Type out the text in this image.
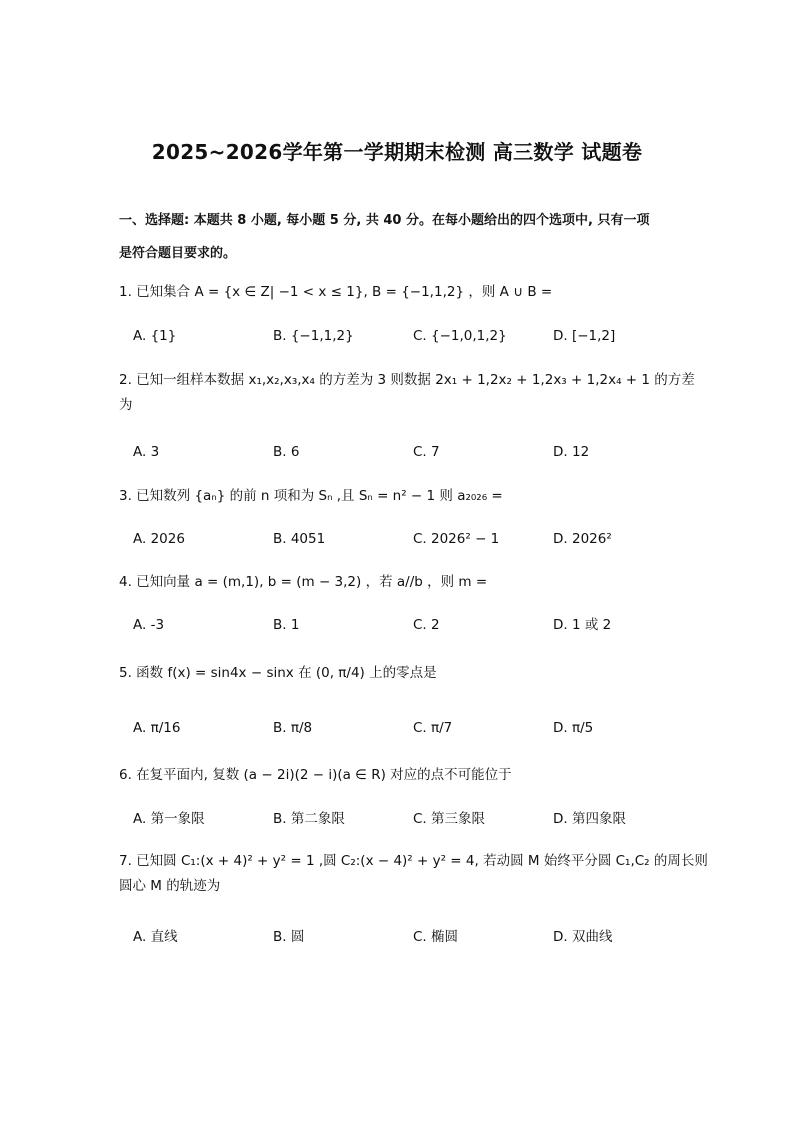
2025~2026学年第一学期期末检测 高三数学 试题卷

一、选择题: 本题共 8 小题, 每小题 5 分, 共 40 分。在每小题给出的四个选项中, 只有一项

是符合题目要求的。

1. 已知集合 A = {x ∈ Z| −1 < x ≤ 1}, B = {−1,1,2} ，则 A ∪ B =

A. {1}	B. {−1,1,2}	C. {−1,0,1,2}	D. [−1,2]

2. 已知一组样本数据 x₁,x₂,x₃,x₄ 的方差为 3 则数据 2x₁ + 1,2x₂ + 1,2x₃ + 1,2x₄ + 1 的方差

为

A. 3	B. 6	C. 7	D. 12

3. 已知数列 {aₙ} 的前 n 项和为 Sₙ ,且 Sₙ = n² − 1 则 a₂₀₂₆ =

A. 2026	B. 4051	C. 2026² − 1	D. 2026²

4. 已知向量 a = (m,1), b = (m − 3,2) ，若 a//b ，则 m =

A. -3	B. 1	C. 2	D. 1 或 2

5. 函数 f(x) = sin4x − sinx 在 (0, π/4) 上的零点是

A. π/16	B. π/8	C. π/7	D. π/5

6. 在复平面内, 复数 (a − 2i)(2 − i)(a ∈ R) 对应的点不可能位于

A. 第一象限	B. 第二象限	C. 第三象限	D. 第四象限

7. 已知圆 C₁:(x + 4)² + y² = 1 ,圆 C₂:(x − 4)² + y² = 4, 若动圆 M 始终平分圆 C₁,C₂ 的周长则

圆心 M 的轨迹为

A. 直线	B. 圆	C. 椭圆	D. 双曲线
